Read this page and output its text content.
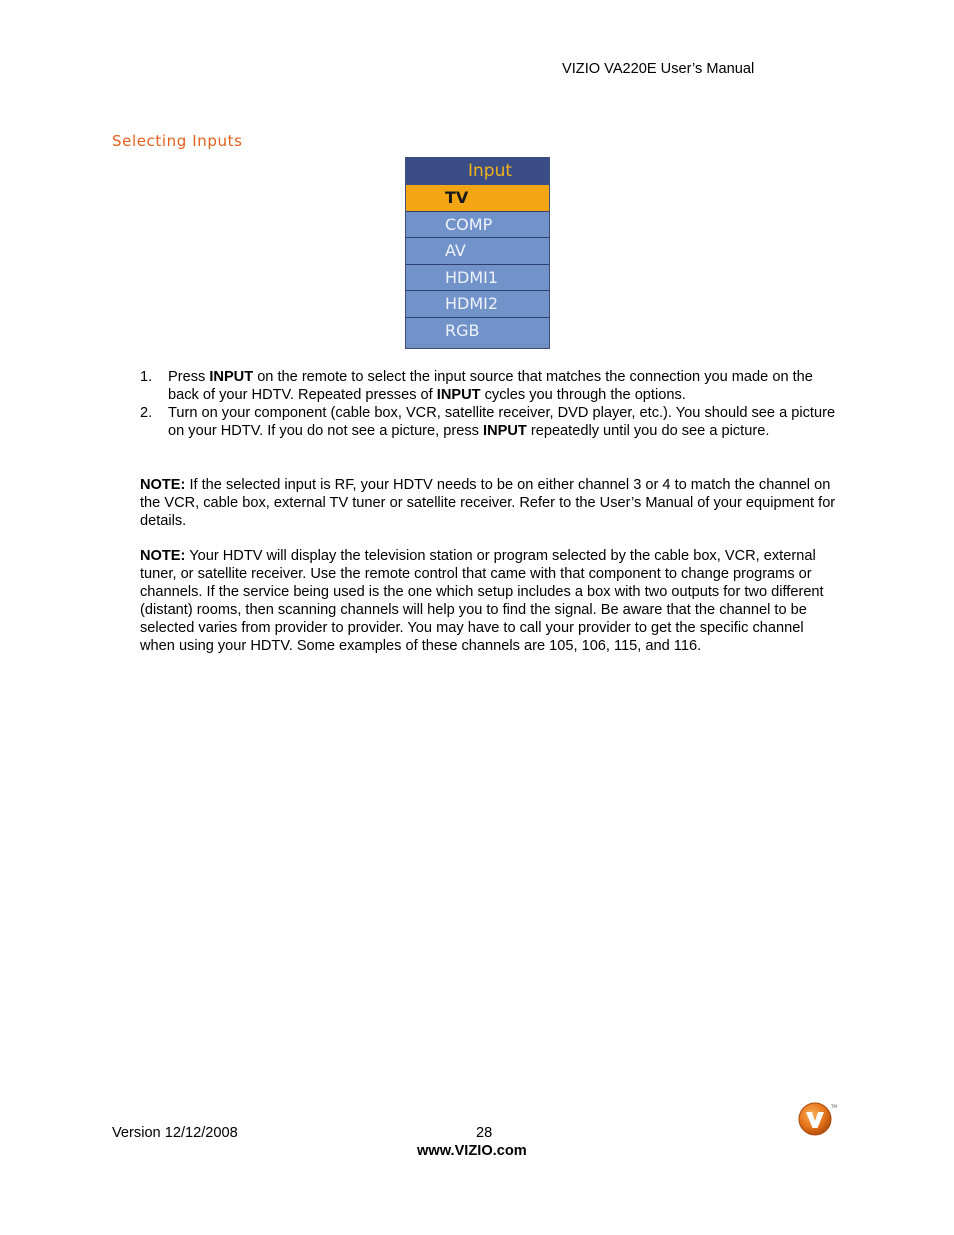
VIZIO VA220E User’s Manual
Selecting Inputs
Input
TV
COMP
AV
HDMI1
HDMI2
RGB
1.	Press INPUT on the remote to select the input source that matches the connection you made on the back of your HDTV. Repeated presses of INPUT cycles you through the options.
2.	Turn on your component (cable box, VCR, satellite receiver, DVD player, etc.). You should see a picture on your HDTV. If you do not see a picture, press INPUT repeatedly until you do see a picture.
NOTE: If the selected input is RF, your HDTV needs to be on either channel 3 or 4 to match the channel on the VCR, cable box, external TV tuner or satellite receiver. Refer to the User’s Manual of your equipment for details.
NOTE: Your HDTV will display the television station or program selected by the cable box, VCR, external tuner, or satellite receiver. Use the remote control that came with that component to change programs or channels. If the service being used is the one which setup includes a box with two outputs for two different (distant) rooms, then scanning channels will help you to find the signal. Be aware that the channel to be selected varies from provider to provider. You may have to call your provider to get the specific channel when using your HDTV. Some examples of these channels are 105, 106, 115, and 116.
Version 12/12/2008	28
www.VIZIO.com
TM
